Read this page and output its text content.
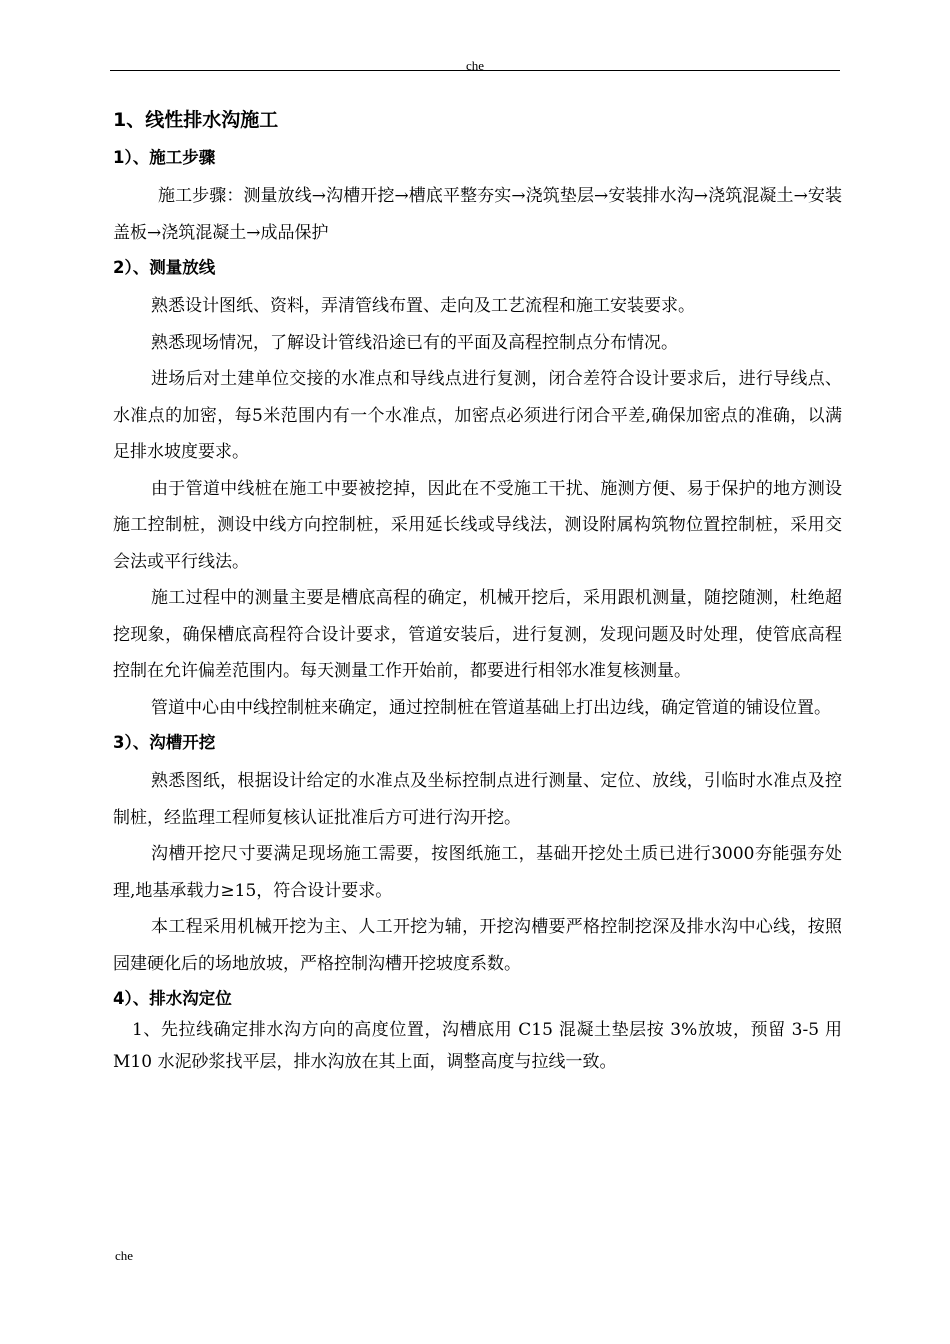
che
1、线性排水沟施工
1）、施工步骤

施工步骤：测量放线→沟槽开挖→槽底平整夯实→浇筑垫层→安装排水沟→浇筑混凝土→安装盖板→浇筑混凝土→成品保护

2）、测量放线

熟悉设计图纸、资料，弄清管线布置、走向及工艺流程和施工安装要求。

熟悉现场情况，了解设计管线沿途已有的平面及高程控制点分布情况。

进场后对土建单位交接的水准点和导线点进行复测，闭合差符合设计要求后，进行导线点、水准点的加密，每5米范围内有一个水准点，加密点必须进行闭合平差,确保加密点的准确，以满足排水坡度要求。

由于管道中线桩在施工中要被挖掉，因此在不受施工干扰、施测方便、易于保护的地方测设施工控制桩，测设中线方向控制桩，采用延长线或导线法，测设附属构筑物位置控制桩，采用交会法或平行线法。

施工过程中的测量主要是槽底高程的确定，机械开挖后，采用跟机测量，随挖随测，杜绝超挖现象，确保槽底高程符合设计要求，管道安装后，进行复测，发现问题及时处理，使管底高程控制在允许偏差范围内。每天测量工作开始前，都要进行相邻水准复核测量。

管道中心由中线控制桩来确定，通过控制桩在管道基础上打出边线，确定管道的铺设位置。

3）、沟槽开挖

熟悉图纸，根据设计给定的水准点及坐标控制点进行测量、定位、放线，引临时水准点及控制桩，经监理工程师复核认证批准后方可进行沟开挖。

沟槽开挖尺寸要满足现场施工需要，按图纸施工，基础开挖处土质已进行3000夯能强夯处理,地基承载力≥15，符合设计要求。

本工程采用机械开挖为主、人工开挖为辅，开挖沟槽要严格控制挖深及排水沟中心线，按照园建硬化后的场地放坡，严格控制沟槽开挖坡度系数。

4）、排水沟定位

1、先拉线确定排水沟方向的高度位置，沟槽底用 C15 混凝土垫层按 3%放坡，预留 3-5 用 M10 水泥砂浆找平层，排水沟放在其上面，调整高度与拉线一致。

che
